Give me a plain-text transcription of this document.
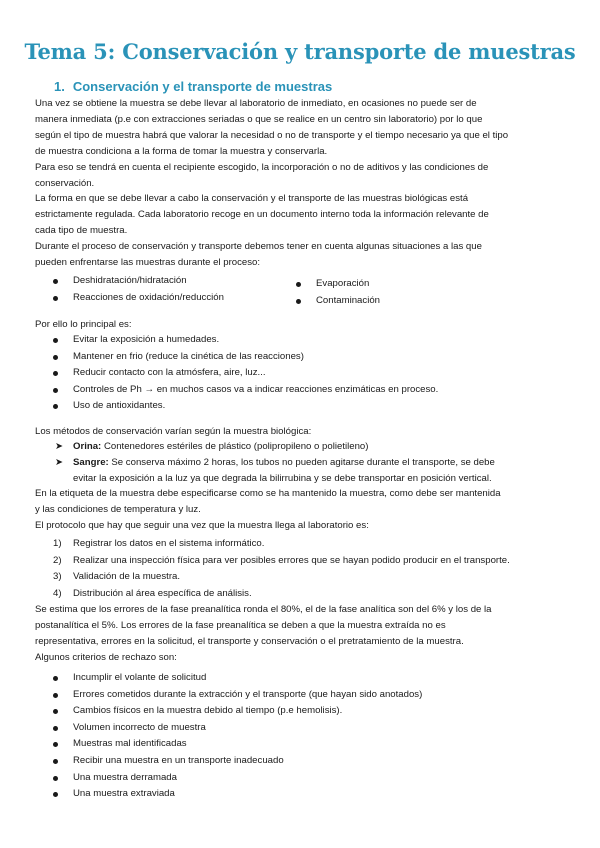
Tema 5: Conservación y transporte de muestras
1. Conservación y el transporte de muestras
Una vez se obtiene la muestra se debe llevar al laboratorio de inmediato, en ocasiones no puede ser de
manera inmediata (p.e con extracciones seriadas o que se realice en un centro sin laboratorio) por lo que
según el tipo de muestra habrá que valorar la necesidad o no de transporte y el tiempo necesario ya que el tipo
de muestra condiciona a la forma de tomar la muestra y conservarla.
Para eso se tendrá en cuenta el recipiente escogido, la incorporación o no de aditivos y las condiciones de
conservación.
La forma en que se debe llevar a cabo la conservación y el transporte de las muestras biológicas está
estrictamente regulada. Cada laboratorio recoge en un documento interno toda la información relevante de
cada tipo de muestra.
Durante el proceso de conservación y transporte debemos tener en cuenta algunas situaciones a las que
pueden enfrentarse las muestras durante el proceso:
Deshidratación/hidratación
Reacciones de oxidación/reducción
Evaporación
Contaminación
Por ello lo principal es:
Evitar la exposición a humedades.
Mantener en frio (reduce la cinética de las reacciones)
Reducir contacto con la atmósfera, aire, luz...
Controles de Ph → en muchos casos va a indicar reacciones enzimáticas en proceso.
Uso de antioxidantes.
Los métodos de conservación varían según la muestra biológica:
➤ Orina: Contenedores estériles de plástico (polipropileno o polietileno)
➤ Sangre: Se conserva máximo 2 horas, los tubos no pueden agitarse durante el transporte, se debe
evitar la exposición a la luz ya que degrada la bilirrubina y se debe transportar en posición vertical.
En la etiqueta de la muestra debe especificarse como se ha mantenido la muestra, como debe ser mantenida
y las condiciones de temperatura y luz.
El protocolo que hay que seguir una vez que la muestra llega al laboratorio es:
1) Registrar los datos en el sistema informático.
2) Realizar una inspección física para ver posibles errores que se hayan podido producir en el transporte.
3) Validación de la muestra.
4) Distribución al área específica de análisis.
Se estima que los errores de la fase preanalítica ronda el 80%, el de la fase analítica son del 6% y los de la
postanalítica el 5%. Los errores de la fase preanalítica se deben a que la muestra extraída no es
representativa, errores en la solicitud, el transporte y conservación o el pretratamiento de la muestra.
Algunos criterios de rechazo son:
Incumplir el volante de solicitud
Errores cometidos durante la extracción y el transporte (que hayan sido anotados)
Cambios físicos en la muestra debido al tiempo (p.e hemolisis).
Volumen incorrecto de muestra
Muestras mal identificadas
Recibir una muestra en un transporte inadecuado
Una muestra derramada
Una muestra extraviada
